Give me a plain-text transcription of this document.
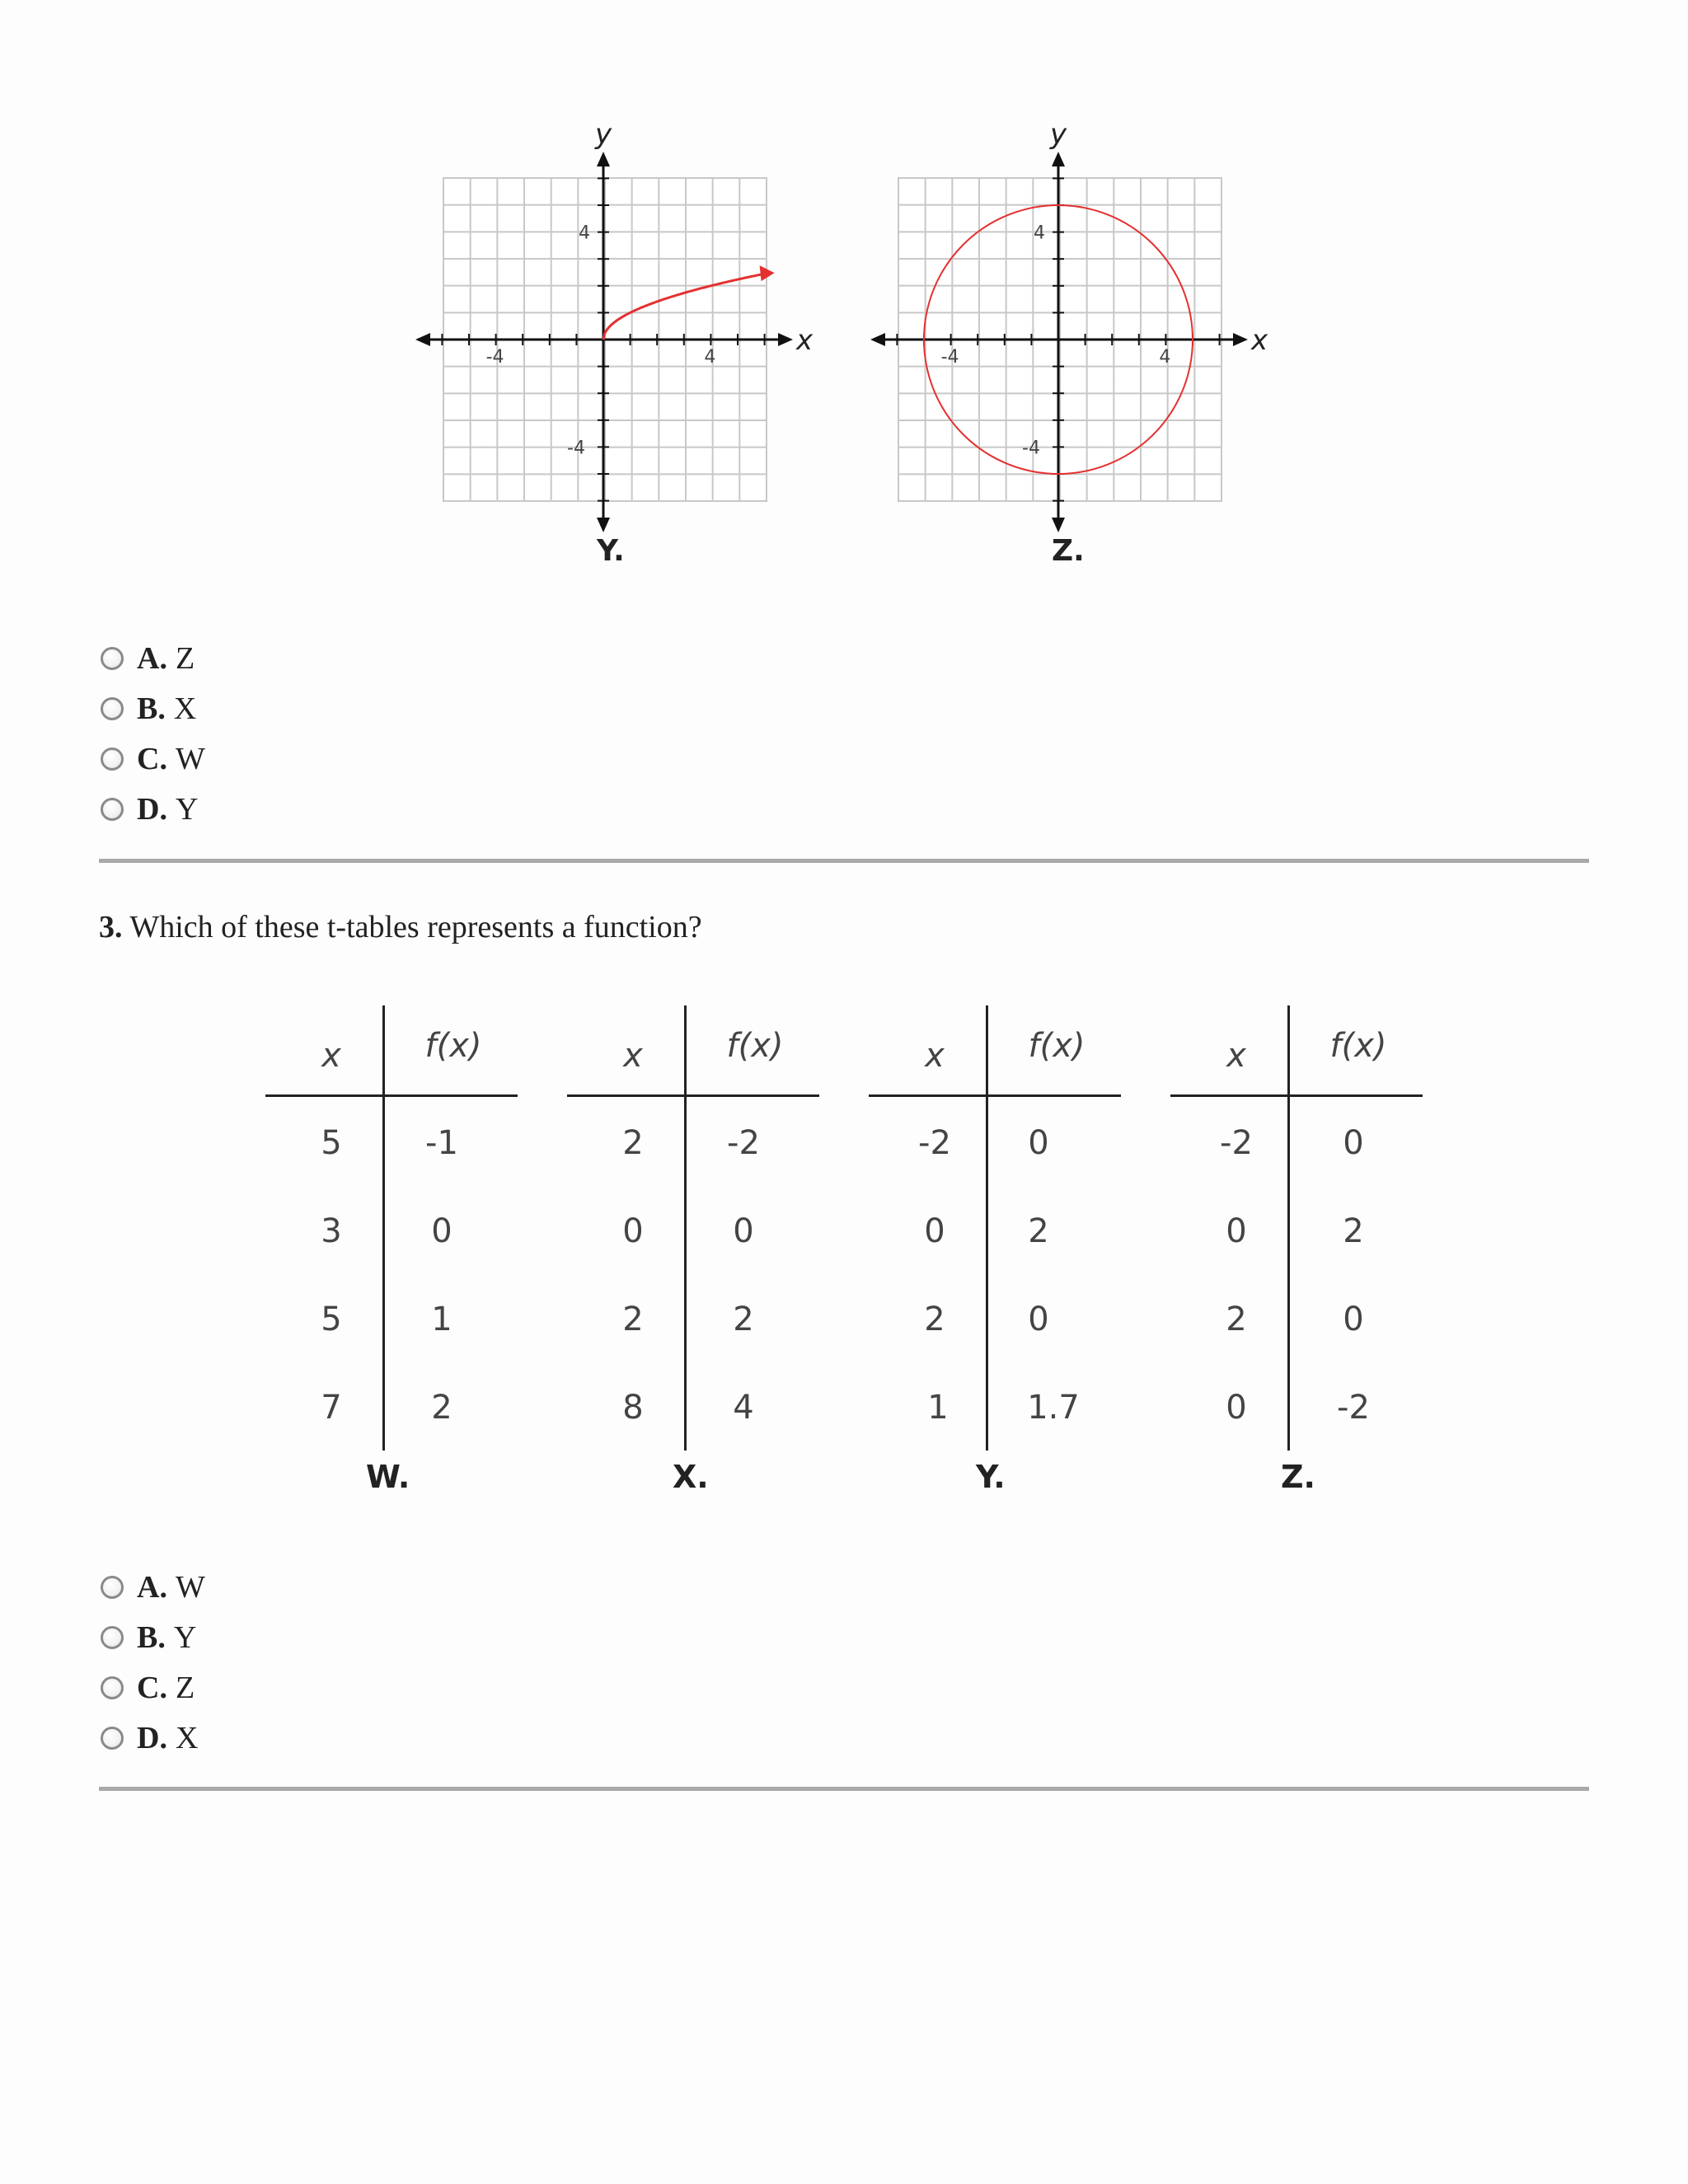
4
-4
-4	4
y
x
Y.
4
-4
-4	4
y
x
Z.
A. Z
B. X
C. W
D. Y
3. Which of these t-tables represents a function?
x	f(x)
5	-1
3	0
5	1
7	2
W.
x	f(x)
2	-2
0	0
2	2
8	4
X.
x	f(x)
-2	0
0	2
2	0
1	1.7
Y.
x	f(x)
-2	0
0	2
2	0
0	-2
Z.
A. W
B. Y
C. Z
D. X
